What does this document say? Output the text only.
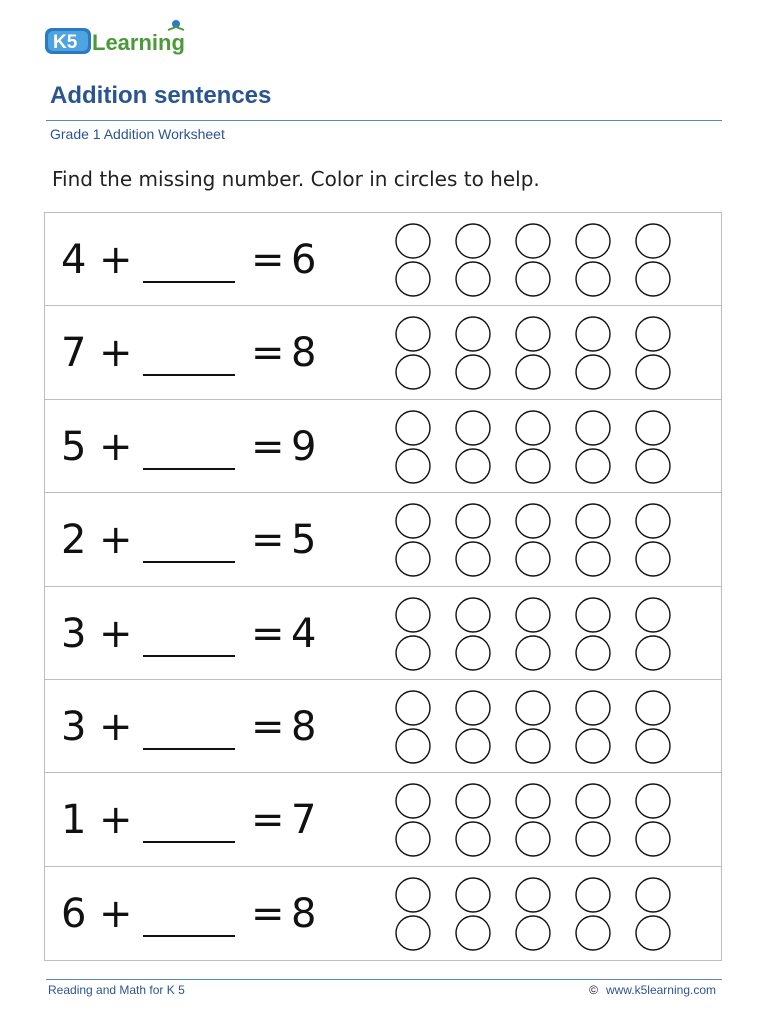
K5 Learning
Addition sentences
Grade 1 Addition Worksheet
Find the missing number. Color in circles to help.
4 +	= 6
7 +	= 8
5 +	= 9
2 +	= 5
3 +	= 4
3 +	= 8
1 +	= 7
6 +	= 8
Reading and Math for K 5	© www.k5learning.com
